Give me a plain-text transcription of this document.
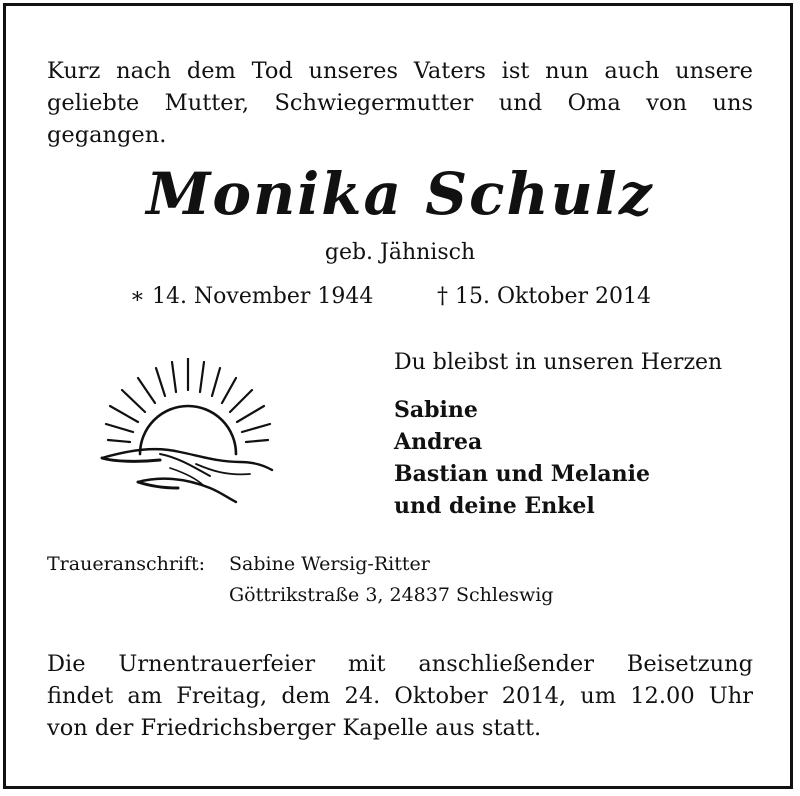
Kurz nach dem Tod unseres Vaters ist nun auch unsere
geliebte Mutter, Schwiegermutter und Oma von uns
gegangen.
Monika Schulz
geb. Jähnisch
∗ 14. November 1944	† 15. Oktober 2014
Du bleibst in unseren Herzen
Sabine
Andrea
Bastian und Melanie
und deine Enkel
Traueranschrift: Sabine Wersig-Ritter
Göttrikstraße 3, 24837 Schleswig
Die Urnentrauerfeier mit anschließender Beisetzung
findet am Freitag, dem 24. Oktober 2014, um 12.00 Uhr
von der Friedrichsberger Kapelle aus statt.
